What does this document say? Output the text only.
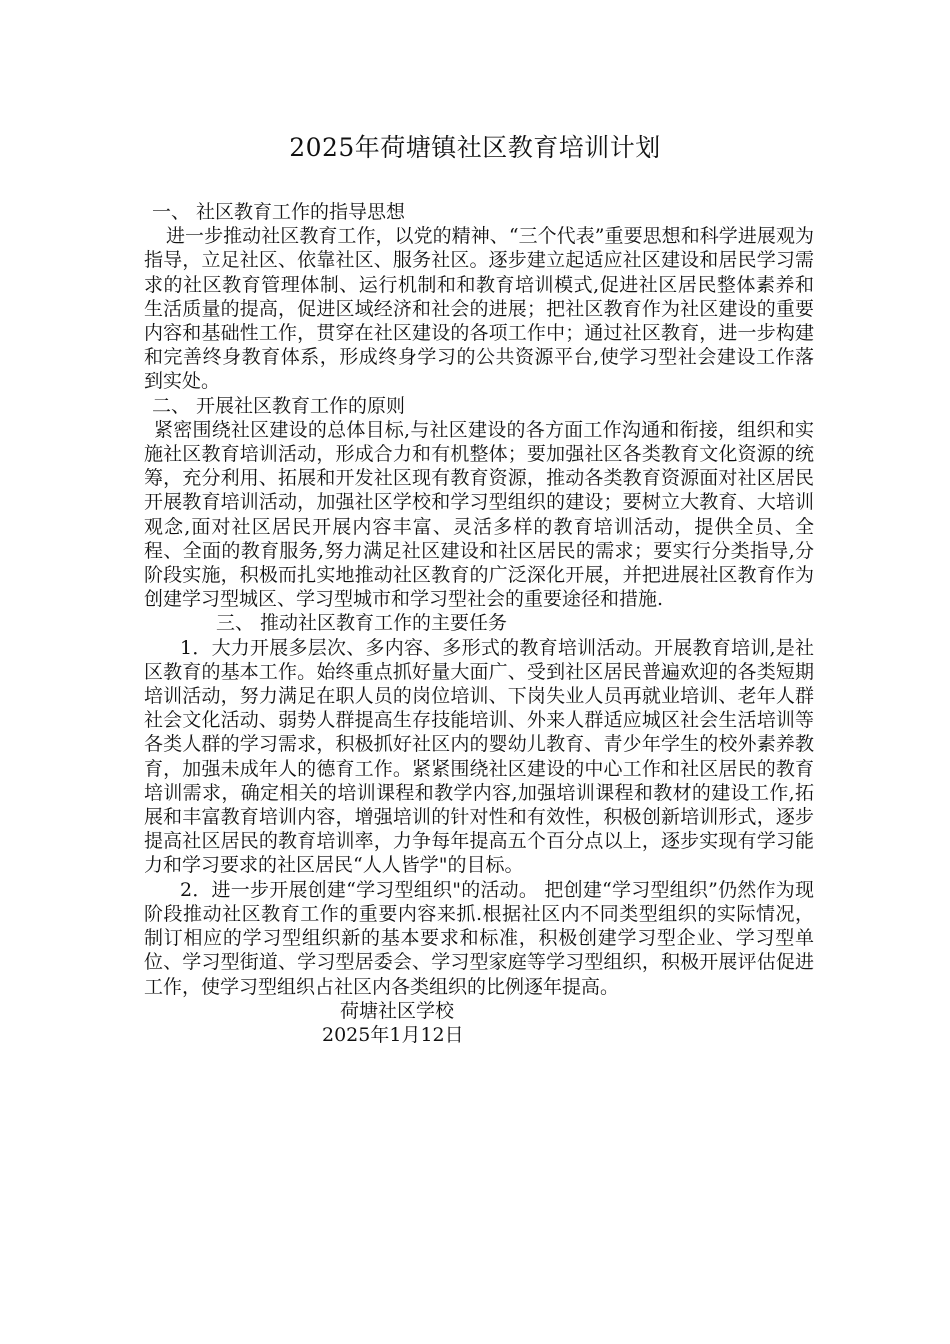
2025年荷塘镇社区教育培训计划

一、 社区教育工作的指导思想

进一步推动社区教育工作，以党的精神、“三个代表”重要思想和科学进展观为指导，立足社区、依靠社区、服务社区。逐步建立起适应社区建设和居民学习需求的社区教育管理体制、运行机制和和教育培训模式,促进社区居民整体素养和生活质量的提高，促进区域经济和社会的进展；把社区教育作为社区建设的重要内容和基础性工作，贯穿在社区建设的各项工作中；通过社区教育，进一步构建和完善终身教育体系，形成终身学习的公共资源平台,使学习型社会建设工作落到实处。

二、 开展社区教育工作的原则

紧密围绕社区建设的总体目标,与社区建设的各方面工作沟通和衔接，组织和实施社区教育培训活动，形成合力和有机整体；要加强社区各类教育文化资源的统筹，充分利用、拓展和开发社区现有教育资源，推动各类教育资源面对社区居民开展教育培训活动，加强社区学校和学习型组织的建设；要树立大教育、大培训观念,面对社区居民开展内容丰富、灵活多样的教育培训活动，提供全员、全程、全面的教育服务,努力满足社区建设和社区居民的需求；要实行分类指导,分阶段实施，积极而扎实地推动社区教育的广泛深化开展，并把进展社区教育作为创建学习型城区、学习型城市和学习型社会的重要途径和措施.

三、 推动社区教育工作的主要任务

1．大力开展多层次、多内容、多形式的教育培训活动。开展教育培训,是社区教育的基本工作。始终重点抓好量大面广、受到社区居民普遍欢迎的各类短期培训活动，努力满足在职人员的岗位培训、下岗失业人员再就业培训、老年人群社会文化活动、弱势人群提高生存技能培训、外来人群适应城区社会生活培训等各类人群的学习需求，积极抓好社区内的婴幼儿教育、青少年学生的校外素养教育，加强未成年人的德育工作。紧紧围绕社区建设的中心工作和社区居民的教育培训需求，确定相关的培训课程和教学内容,加强培训课程和教材的建设工作,拓展和丰富教育培训内容，增强培训的针对性和有效性，积极创新培训形式，逐步提高社区居民的教育培训率，力争每年提高五个百分点以上，逐步实现有学习能力和学习要求的社区居民“人人皆学"的目标。

2．进一步开展创建“学习型组织"的活动。 把创建“学习型组织”仍然作为现阶段推动社区教育工作的重要内容来抓.根据社区内不同类型组织的实际情况，制订相应的学习型组织新的基本要求和标准，积极创建学习型企业、学习型单位、学习型街道、学习型居委会、学习型家庭等学习型组织，积极开展评估促进工作，使学习型组织占社区内各类组织的比例逐年提高。

荷塘社区学校

2025年1月12日
